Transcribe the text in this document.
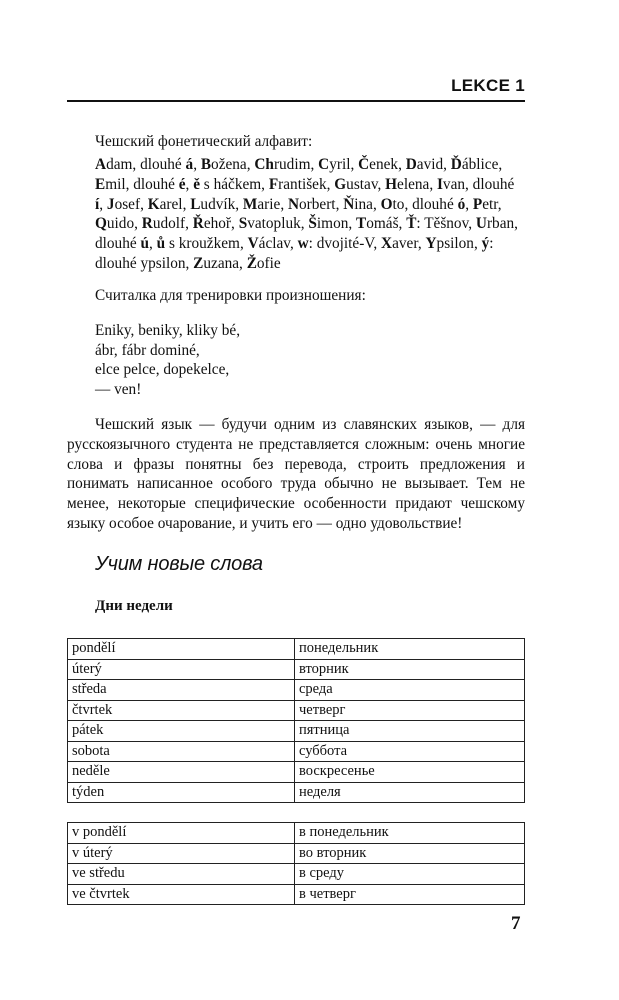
LEKCE 1

Чешский фонетический алфавит:

Adam, dlouhé á, Božena, Chrudim, Cyril, Čenek, David, Ďáblice, Emil, dlouhé é, ě s háčkem, František, Gustav, Helena, Ivan, dlouhé í, Josef, Karel, Ludvík, Marie, Norbert, Ňina, Oto, dlouhé ó, Petr, Quido, Rudolf, Řehoř, Svatopluk, Šimon, Tomáš, Ť: Těšnov, Urban, dlouhé ú, ů s kroužkem, Václav, w: dvojité-V, Xaver, Ypsilon, ý: dlouhé ypsilon, Zuzana, Žofie

Считалка для тренировки произношения:

Eniky, beniky, kliky bé,
ábr, fábr dominé,
elce pelce, dopekelce,
— ven!

Чешский язык — будучи одним из славянских языков, — для русскоязычного студента не представляется сложным: очень многие слова и фразы понятны без перевода, строить предложения и понимать написанное особого труда обычно не вызывает. Тем не менее, некоторые специфические особенности придают чешскому языку особое очарование, и учить его — одно удовольствие!

Учим новые слова
Дни недели
pondělí	понедельник
úterý	вторник
středa	среда
čtvrtek	четверг
pátek	пятница
sobota	суббота
neděle	воскресенье
týden	неделя
v pondělí	в понедельник
v úterý	во вторник
ve středu	в среду
ve čtvrtek	в четверг
7
